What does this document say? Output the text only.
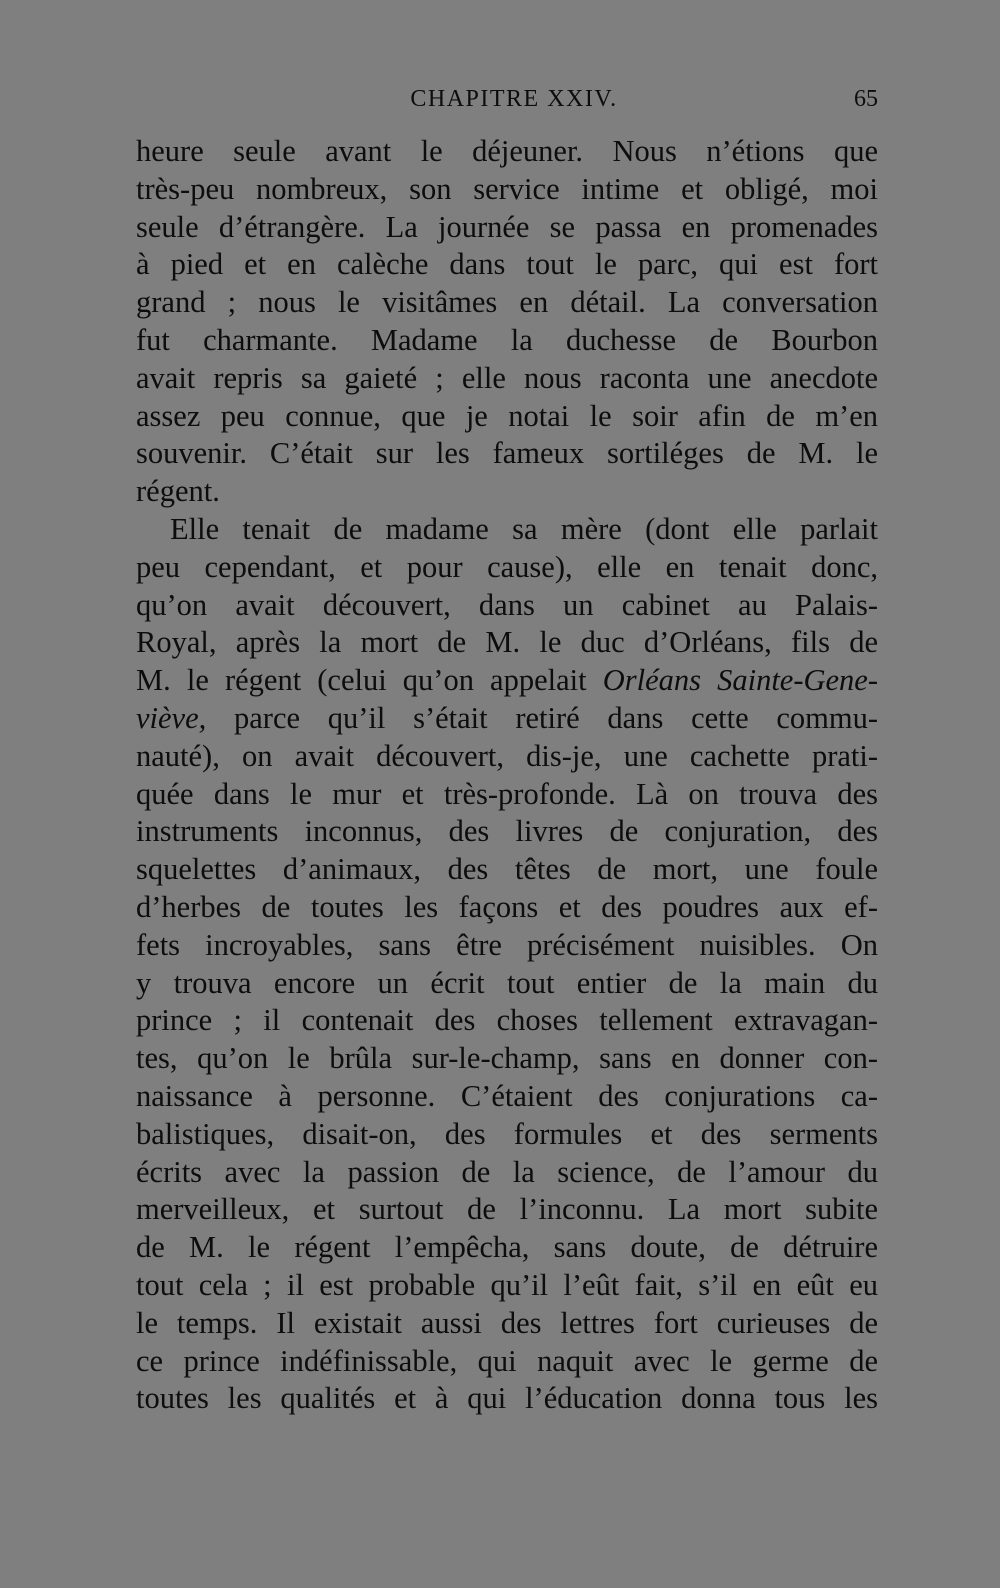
CHAPITRE XXIV.	65
heure seule avant le déjeuner. Nous n’étions que
très-peu nombreux, son service intime et obligé, moi
seule d’étrangère. La journée se passa en promenades
à pied et en calèche dans tout le parc, qui est fort
grand ; nous le visitâmes en détail. La conversation
fut charmante. Madame la duchesse de Bourbon
avait repris sa gaieté ; elle nous raconta une anecdote
assez peu connue, que je notai le soir afin de m’en
souvenir. C’était sur les fameux sortiléges de M. le
régent.
Elle tenait de madame sa mère (dont elle parlait
peu cependant, et pour cause), elle en tenait donc,
qu’on avait découvert, dans un cabinet au Palais-
Royal, après la mort de M. le duc d’Orléans, fils de
M. le régent (celui qu’on appelait Orléans Sainte-Gene-
viève, parce qu’il s’était retiré dans cette commu-
nauté), on avait découvert, dis-je, une cachette prati-
quée dans le mur et très-profonde. Là on trouva des
instruments inconnus, des livres de conjuration, des
squelettes d’animaux, des têtes de mort, une foule
d’herbes de toutes les façons et des poudres aux ef-
fets incroyables, sans être précisément nuisibles. On
y trouva encore un écrit tout entier de la main du
prince ; il contenait des choses tellement extravagan-
tes, qu’on le brûla sur-le-champ, sans en donner con-
naissance à personne. C’étaient des conjurations ca-
balistiques, disait-on, des formules et des serments
écrits avec la passion de la science, de l’amour du
merveilleux, et surtout de l’inconnu. La mort subite
de M. le régent l’empêcha, sans doute, de détruire
tout cela ; il est probable qu’il l’eût fait, s’il en eût eu
le temps. Il existait aussi des lettres fort curieuses de
ce prince indéfinissable, qui naquit avec le germe de
toutes les qualités et à qui l’éducation donna tous les
